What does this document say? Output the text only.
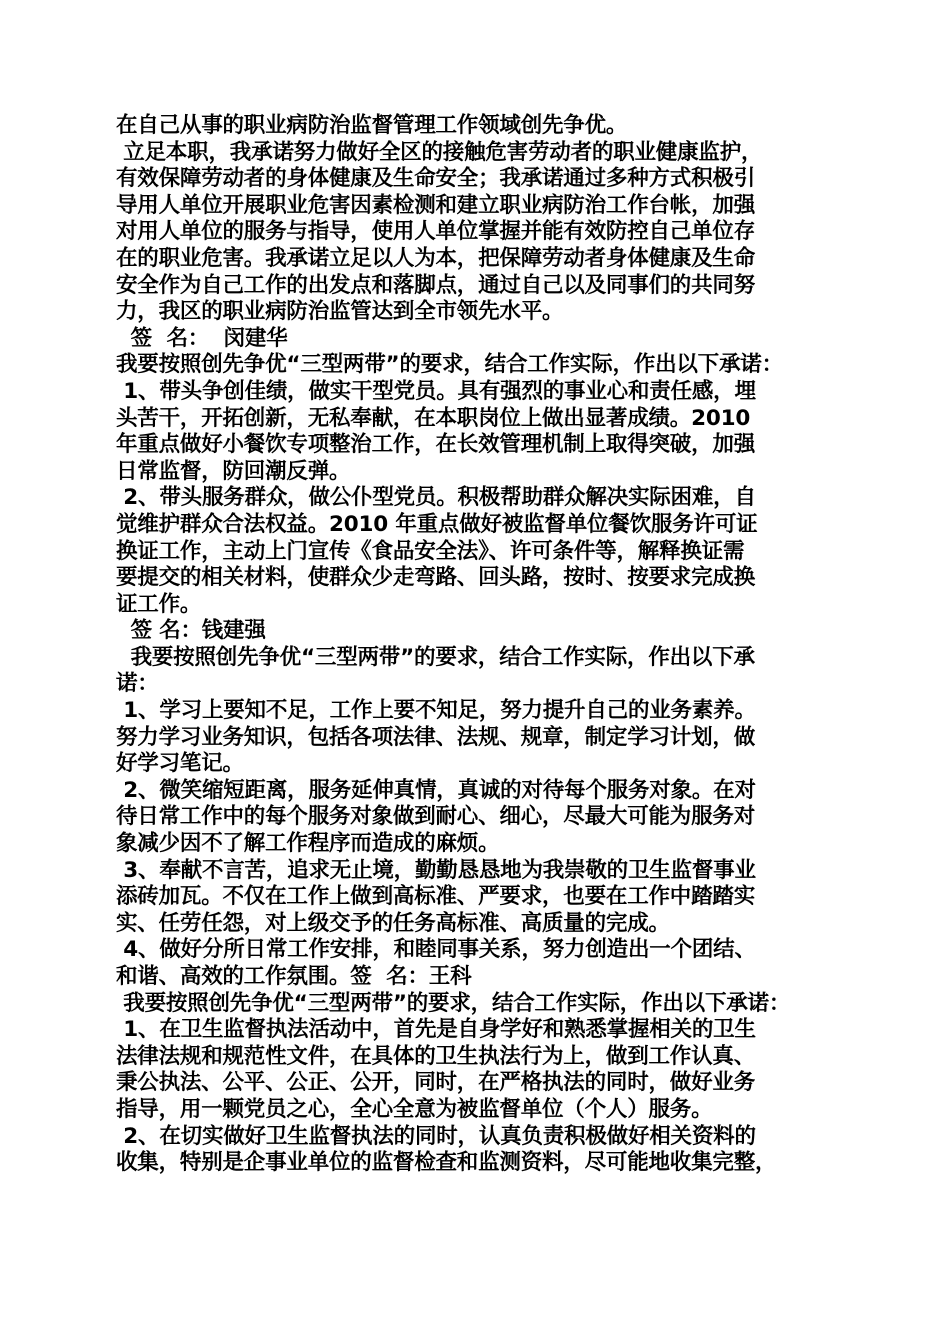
在自己从事的职业病防治监督管理工作领域创先争优。
立足本职，我承诺努力做好全区的接触危害劳动者的职业健康监护，
有效保障劳动者的身体健康及生命安全；我承诺通过多种方式积极引
导用人单位开展职业危害因素检测和建立职业病防治工作台帐，加强
对用人单位的服务与指导，使用人单位掌握并能有效防控自己单位存
在的职业危害。我承诺立足以人为本，把保障劳动者身体健康及生命
安全作为自己工作的出发点和落脚点，通过自己以及同事们的共同努
力，我区的职业病防治监管达到全市领先水平。
签  名：  闵建华
我要按照创先争优“三型两带”的要求，结合工作实际，作出以下承诺：
1、带头争创佳绩，做实干型党员。具有强烈的事业心和责任感，埋
头苦干，开拓创新，无私奉献，在本职岗位上做出显著成绩。2010
年重点做好小餐饮专项整治工作，在长效管理机制上取得突破，加强
日常监督，防回潮反弹。
2、带头服务群众，做公仆型党员。积极帮助群众解决实际困难，自
觉维护群众合法权益。2010 年重点做好被监督单位餐饮服务许可证
换证工作，主动上门宣传《食品安全法》、许可条件等，解释换证需
要提交的相关材料，使群众少走弯路、回头路，按时、按要求完成换
证工作。
签 名：钱建强
我要按照创先争优“三型两带”的要求，结合工作实际，作出以下承
诺：
1、学习上要知不足，工作上要不知足，努力提升自己的业务素养。
努力学习业务知识，包括各项法律、法规、规章，制定学习计划，做
好学习笔记。
2、微笑缩短距离，服务延伸真情，真诚的对待每个服务对象。在对
待日常工作中的每个服务对象做到耐心、细心，尽最大可能为服务对
象减少因不了解工作程序而造成的麻烦。
3、奉献不言苦，追求无止境，勤勤恳恳地为我崇敬的卫生监督事业
添砖加瓦。不仅在工作上做到高标准、严要求，也要在工作中踏踏实
实、任劳任怨，对上级交予的任务高标准、高质量的完成。
4、做好分所日常工作安排，和睦同事关系，努力创造出一个团结、
和谐、高效的工作氛围。签  名：王科
我要按照创先争优“三型两带”的要求，结合工作实际，作出以下承诺：
1、在卫生监督执法活动中，首先是自身学好和熟悉掌握相关的卫生
法律法规和规范性文件，在具体的卫生执法行为上，做到工作认真、
秉公执法、公平、公正、公开，同时，在严格执法的同时，做好业务
指导，用一颗党员之心，全心全意为被监督单位（个人）服务。
2、在切实做好卫生监督执法的同时，认真负责积极做好相关资料的
收集，特别是企事业单位的监督检查和监测资料，尽可能地收集完整，
